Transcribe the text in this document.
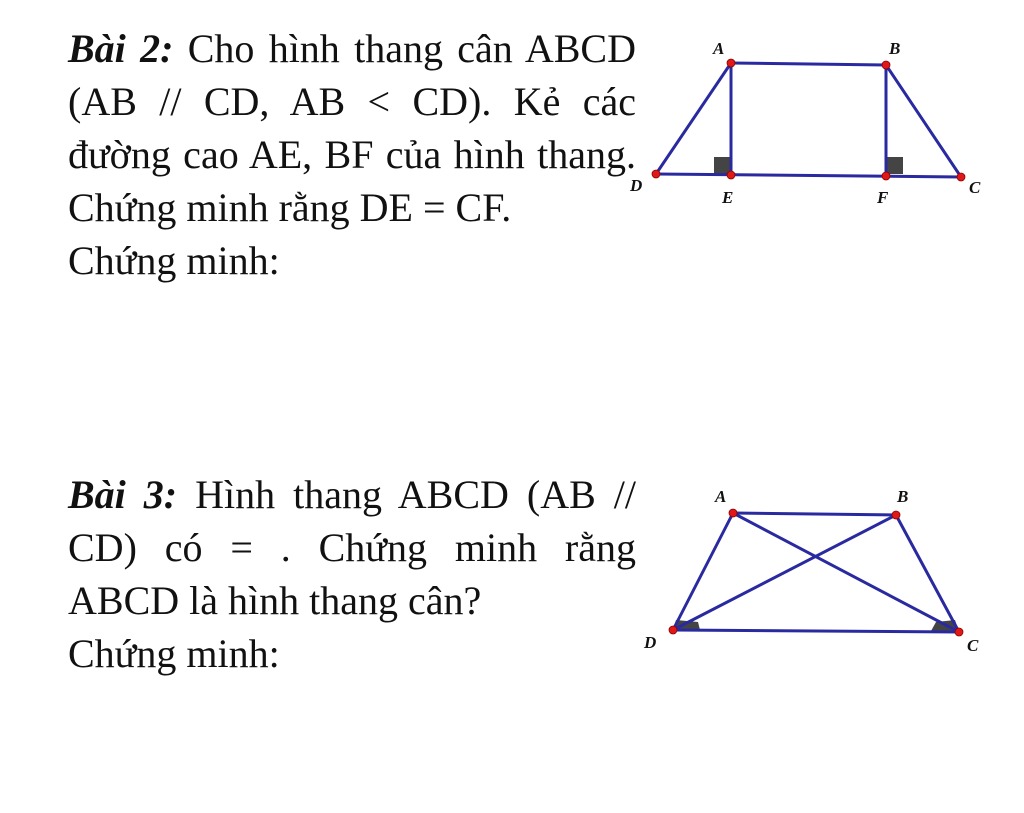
Bài 2: Cho hình thang cân ABCD (AB // CD, AB < CD). Kẻ các đường cao AE, BF của hình thang. Chứng minh rằng DE = CF.

Chứng minh:

Bài 3: Hình thang ABCD (AB // CD) có = . Chứng minh rằng ABCD là hình thang cân?

Chứng minh:

A	B
D	C
E	F
A	B
D	C
